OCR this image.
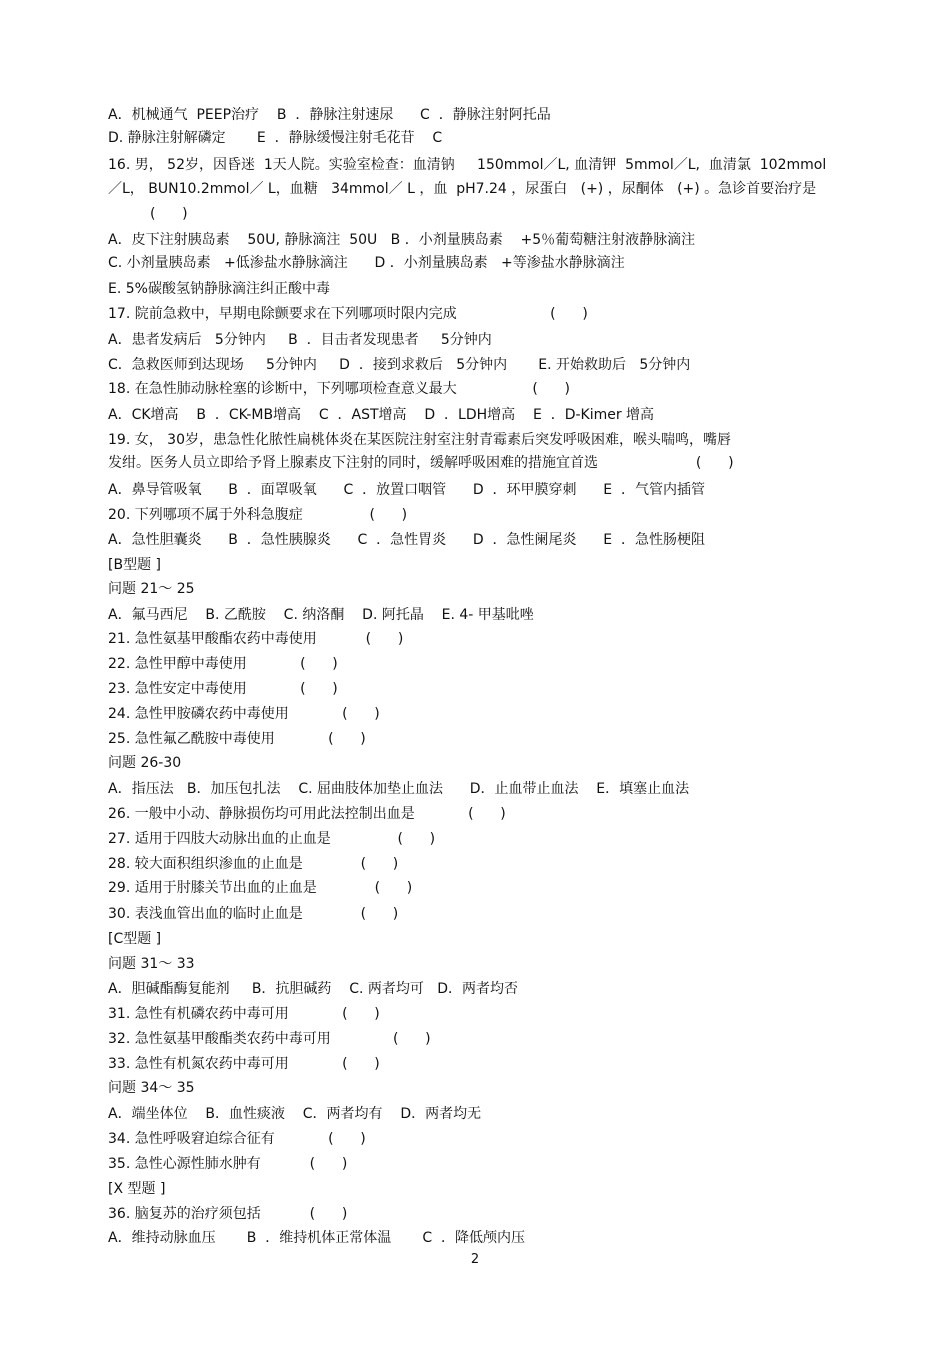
A．机械通气  PEEP治疗    B  ．静脉注射速尿      C  ．静脉注射阿托品
D. 静脉注射解磷定       E  ．静脉缓慢注射毛花苷    C
16. 男， 52岁，因昏迷  1天人院。实验室检查：血清钠     150mmol／L, 血清钾  5mmol／L,  血清氯  102mmol
／L， BUN10.2mmol／ L，血糖   34mmol／ L ，血  pH7.24 ，尿蛋白   (+) ，尿酮体   (+) 。急诊首要治疗是
(      )
A．皮下注射胰岛素    50U, 静脉滴注  50U   B ．小剂量胰岛素    +5％葡萄糖注射液静脉滴注
C. 小剂量胰岛素   +低渗盐水静脉滴注      D ．小剂量胰岛素   +等渗盐水静脉滴注
E. 5%碳酸氢钠静脉滴注纠正酸中毒
17. 院前急救中，早期电除颤要求在下列哪项时限内完成                     (      )
A．患者发病后   5分钟内     B  ．目击者发现患者     5分钟内
C．急救医师到达现场     5分钟内     D  ．接到求救后   5分钟内       E. 开始救助后   5分钟内
18. 在急性肺动脉栓塞的诊断中，下列哪项检查意义最大                 (      )
A．CK增高    B  ．CK-MB增高    C  ．AST增高    D  ．LDH增高    E  ．D-Kimer 增高
19. 女， 30岁，患急性化脓性扁桃体炎在某医院注射室注射青霉素后突发呼吸困难，喉头喘鸣，嘴唇
发绀。医务人员立即给予肾上腺素皮下注射的同时，缓解呼吸困难的措施宜首选                      (      )
A．鼻导管吸氧      B  ．面罩吸氧      C  ．放置口咽管      D  ．环甲膜穿刺      E  ．气管内插管
20. 下列哪项不属于外科急腹症               (      )
A．急性胆囊炎      B  ．急性胰腺炎      C  ．急性胃炎      D  ．急性阑尾炎      E  ．急性肠梗阻
[B型题 ]
问题 21～ 25
A．氟马西尼    B. 乙酰胺    C. 纳洛酮    D. 阿托晶    E. 4- 甲基吡唑
21. 急性氨基甲酸酯农药中毒使用           (      )
22. 急性甲醇中毒使用            (      )
23. 急性安定中毒使用            (      )
24. 急性甲胺磷农药中毒使用            (      )
25. 急性氟乙酰胺中毒使用            (      )
问题 26-30
A．指压法   B．加压包扎法    C. 屈曲肢体加垫止血法      D．止血带止血法    E．填塞止血法
26. 一般中小动、静脉损伤均可用此法控制出血是            (      )
27. 适用于四肢大动脉出血的止血是               (      )
28. 较大面积组织渗血的止血是             (      )
29. 适用于肘膝关节出血的止血是             (      )
30. 表浅血管出血的临时止血是             (      )
[C型题 ]
问题 31～ 33
A．胆碱酯酶复能剂     B．抗胆碱药    C. 两者均可   D．两者均否
31. 急性有机磷农药中毒可用            (      )
32. 急性氨基甲酸酯类农药中毒可用              (      )
33. 急性有机氮农药中毒可用            (      )
问题 34～ 35
A．端坐体位    B．血性痰液    C．两者均有    D．两者均无
34. 急性呼吸窘迫综合征有            (      )
35. 急性心源性肺水肿有           (      )
[X 型题 ]
36. 脑复苏的治疗须包括           (      )
A．维持动脉血压       B  ．维持机体正常体温       C  ．降低颅内压
2
